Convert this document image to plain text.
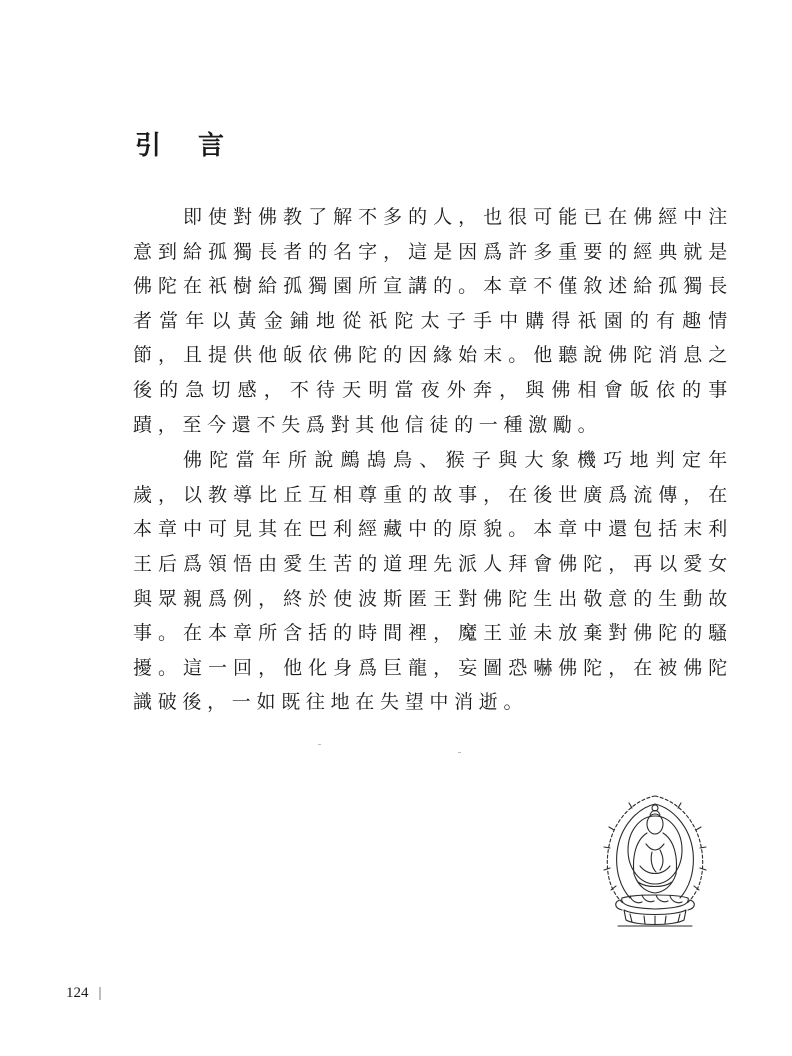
引 言

即使對佛教了解不多的人，也很可能已在佛經中注意到給孤獨長者的名字，這是因爲許多重要的經典就是佛陀在祇樹給孤獨園所宣講的。本章不僅敘述給孤獨長者當年以黃金鋪地從祇陀太子手中購得祇園的有趣情節，且提供他皈依佛陀的因緣始末。他聽說佛陀消息之後的急切感，不待天明當夜外奔，與佛相會皈依的事蹟，至今還不失爲對其他信徒的一種激勵。

佛陀當年所說鷓鴣鳥、猴子與大象機巧地判定年歲，以教導比丘互相尊重的故事，在後世廣爲流傳，在本章中可見其在巴利經藏中的原貌。本章中還包括末利王后爲領悟由愛生苦的道理先派人拜會佛陀，再以愛女與眾親爲例，終於使波斯匿王對佛陀生出敬意的生動故事。在本章所含括的時間裡，魔王並未放棄對佛陀的騷擾。這一回，他化身爲巨龍，妄圖恐嚇佛陀，在被佛陀識破後，一如既往地在失望中消逝。

124 |
